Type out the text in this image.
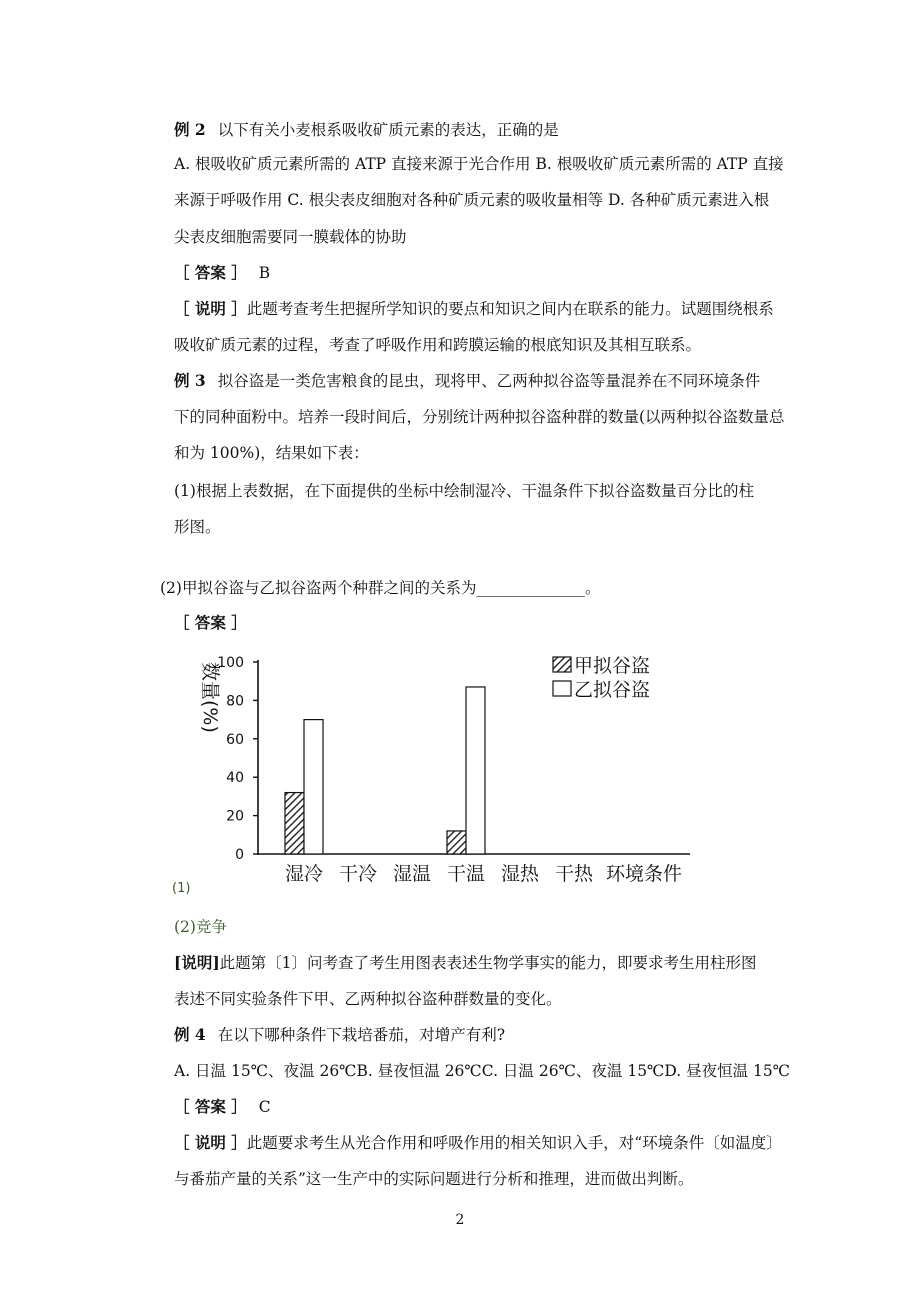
例 2 以下有关小麦根系吸收矿质元素的表达，正确的是
A. 根吸收矿质元素所需的 ATP 直接来源于光合作用 B. 根吸收矿质元素所需的 ATP 直接
来源于呼吸作用 C. 根尖表皮细胞对各种矿质元素的吸收量相等 D. 各种矿质元素进入根
尖表皮细胞需要同一膜载体的协助
［ 答案 ］ B
［ 说明 ］此题考查考生把握所学知识的要点和知识之间内在联系的能力。试题围绕根系
吸收矿质元素的过程，考查了呼吸作用和跨膜运输的根底知识及其相互联系。
例 3 拟谷盗是一类危害粮食的昆虫，现将甲、乙两种拟谷盗等量混养在不同环境条件
下的同种面粉中。培养一段时间后，分别统计两种拟谷盗种群的数量(以两种拟谷盗数量总
和为 100%)，结果如下表：
(1)根据上表数据，在下面提供的坐标中绘制湿冷、干温条件下拟谷盗数量百分比的柱
形图。
(2)甲拟谷盗与乙拟谷盗两个种群之间的关系为______________。
［ 答案 ］
0
20
40
60
80
100
湿冷 干冷 湿温 干温 湿热 干热 环境条件
数量(%)	甲拟谷盗
乙拟谷盗
(1)
(2)竞争
[说明]此题第〔1〕问考查了考生用图表表述生物学事实的能力，即要求考生用柱形图
表述不同实验条件下甲、乙两种拟谷盗种群数量的变化。
例 4 在以下哪种条件下栽培番茄，对增产有利?
A. 日温 15℃、夜温 26℃B. 昼夜恒温 26℃C. 日温 26℃、夜温 15℃D. 昼夜恒温 15℃
［ 答案 ］ C
［ 说明 ］此题要求考生从光合作用和呼吸作用的相关知识入手，对“环境条件〔如温度〕
与番茄产量的关系”这一生产中的实际问题进行分析和推理，进而做出判断。
2
